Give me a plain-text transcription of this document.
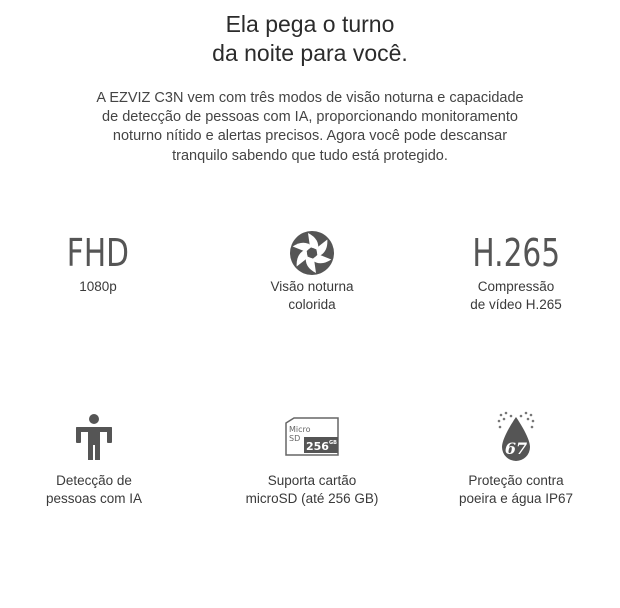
Ela pega o turno
da noite para você.
A EZVIZ C3N vem com três modos de visão noturna e capacidade
de detecção de pessoas com IA, proporcionando monitoramento
noturno nítido e alertas precisos. Agora você pode descansar
tranquilo sabendo que tudo está protegido.
FHD
1080p	Visão noturna
colorida
H.265
Compressão
de vídeo H.265
Detecção de
pessoas com IA
Micro
SD
256 GB
Suporta cartão
microSD (até 256 GB)
67
Proteção contra
poeira e água IP67
